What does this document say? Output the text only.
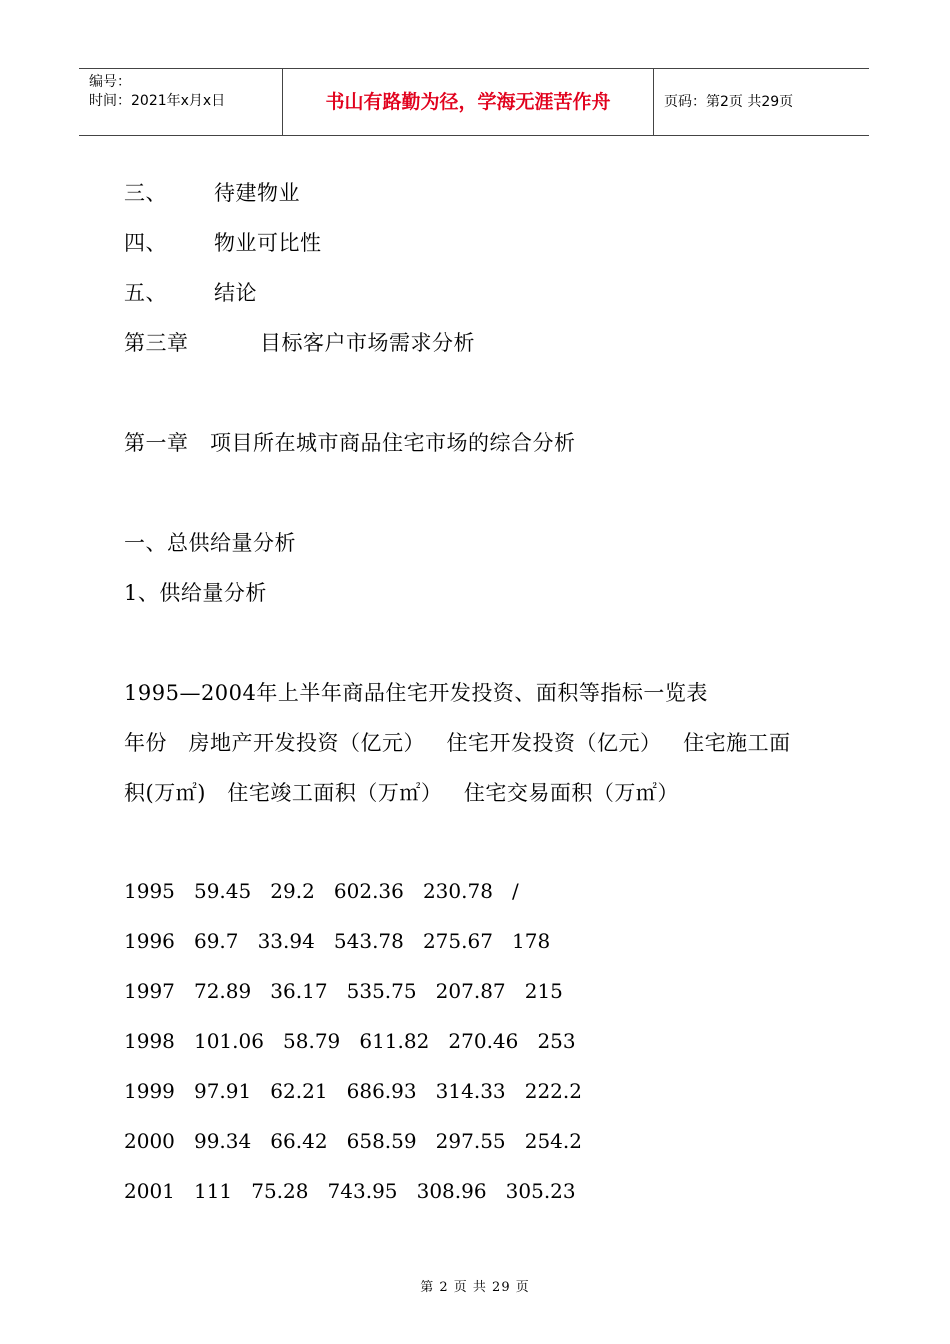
编号：
时间：2021年x月x日	书山有路勤为径，学海无涯苦作舟	页码：第2页 共29页
三、 待建物业
四、 物业可比性
五、 结论
第三章	目标客户市场需求分析
第一章   项目所在城市商品住宅市场的综合分析
一、总供给量分析
1、供给量分析
1995—2004年上半年商品住宅开发投资、面积等指标一览表
年份   房地产开发投资（亿元）   住宅开发投资（亿元）   住宅施工面
积(万㎡)   住宅竣工面积（万㎡）   住宅交易面积（万㎡）
1995   59.45   29.2   602.36   230.78   /
1996   69.7   33.94   543.78   275.67   178
1997   72.89   36.17   535.75   207.87   215
1998   101.06   58.79   611.82   270.46   253
1999   97.91   62.21   686.93   314.33   222.2
2000   99.34   66.42   658.59   297.55   254.2
2001   111   75.28   743.95   308.96   305.23
第 2 页 共 29 页
